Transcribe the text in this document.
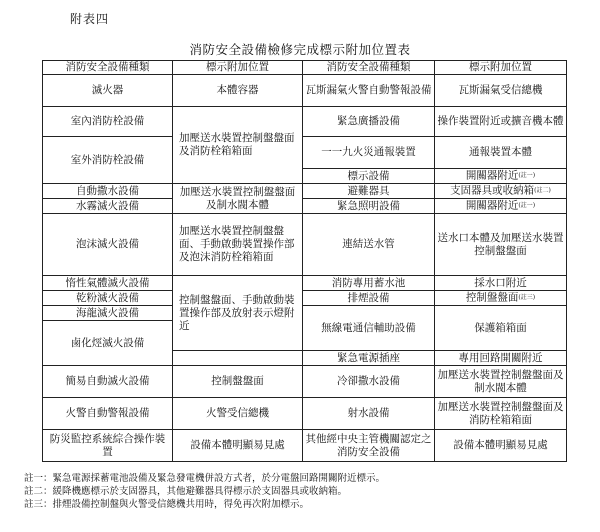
附表四
消防安全設備檢修完成標示附加位置表
消防安全設備種類	標示附加位置	消防安全設備種類	標示附加位置
滅火器	本體容器	瓦斯漏氣火警自動警報設備	瓦斯漏氣受信總機
室內消防栓設備	加壓送水裝置控制盤盤面及消防栓箱箱面	緊急廣播設備	操作裝置附近或擴音機本體
室外消防栓設備		一一九火災通報裝置	通報裝置本體
		標示設備	開關器附近(註一)
自動撒水設備	加壓送水裝置控制盤盤面及制水閥本體	避難器具	支固器具或收納箱(註二)
水霧滅火設備		緊急照明設備	開關器附近(註一)
泡沫滅火設備	加壓送水裝置控制盤盤面、手動啟動裝置操作部及泡沫消防栓箱箱面	連結送水管	送水口本體及加壓送水裝置控制盤盤面
惰性氣體滅火設備	控制盤盤面、手動啟動裝置操作部及放射表示燈附近	消防專用蓄水池	採水口附近
乾粉滅火設備		排煙設備	控制盤盤面(註三)
海龍滅火設備		無線電通信輔助設備	保護箱箱面
鹵化烴滅火設備			
		緊急電源插座	專用回路開關附近
簡易自動滅火設備	控制盤盤面	冷卻撒水設備	加壓送水裝置控制盤盤面及制水閥本體
火警自動警報設備	火警受信總機	射水設備	加壓送水裝置控制盤盤面及消防栓箱箱面
防災監控系統綜合操作裝置	設備本體明顯易見處	其他經中央主管機關認定之消防安全設備	設備本體明顯易見處
註一：緊急電源採蓄電池設備及緊急發電機併設方式者，於分電盤回路開關附近標示。
註二：緩降機應標示於支固器具，其他避難器具得標示於支固器具或收納箱。
註三：排煙設備控制盤與火警受信總機共用時，得免再次附加標示。
